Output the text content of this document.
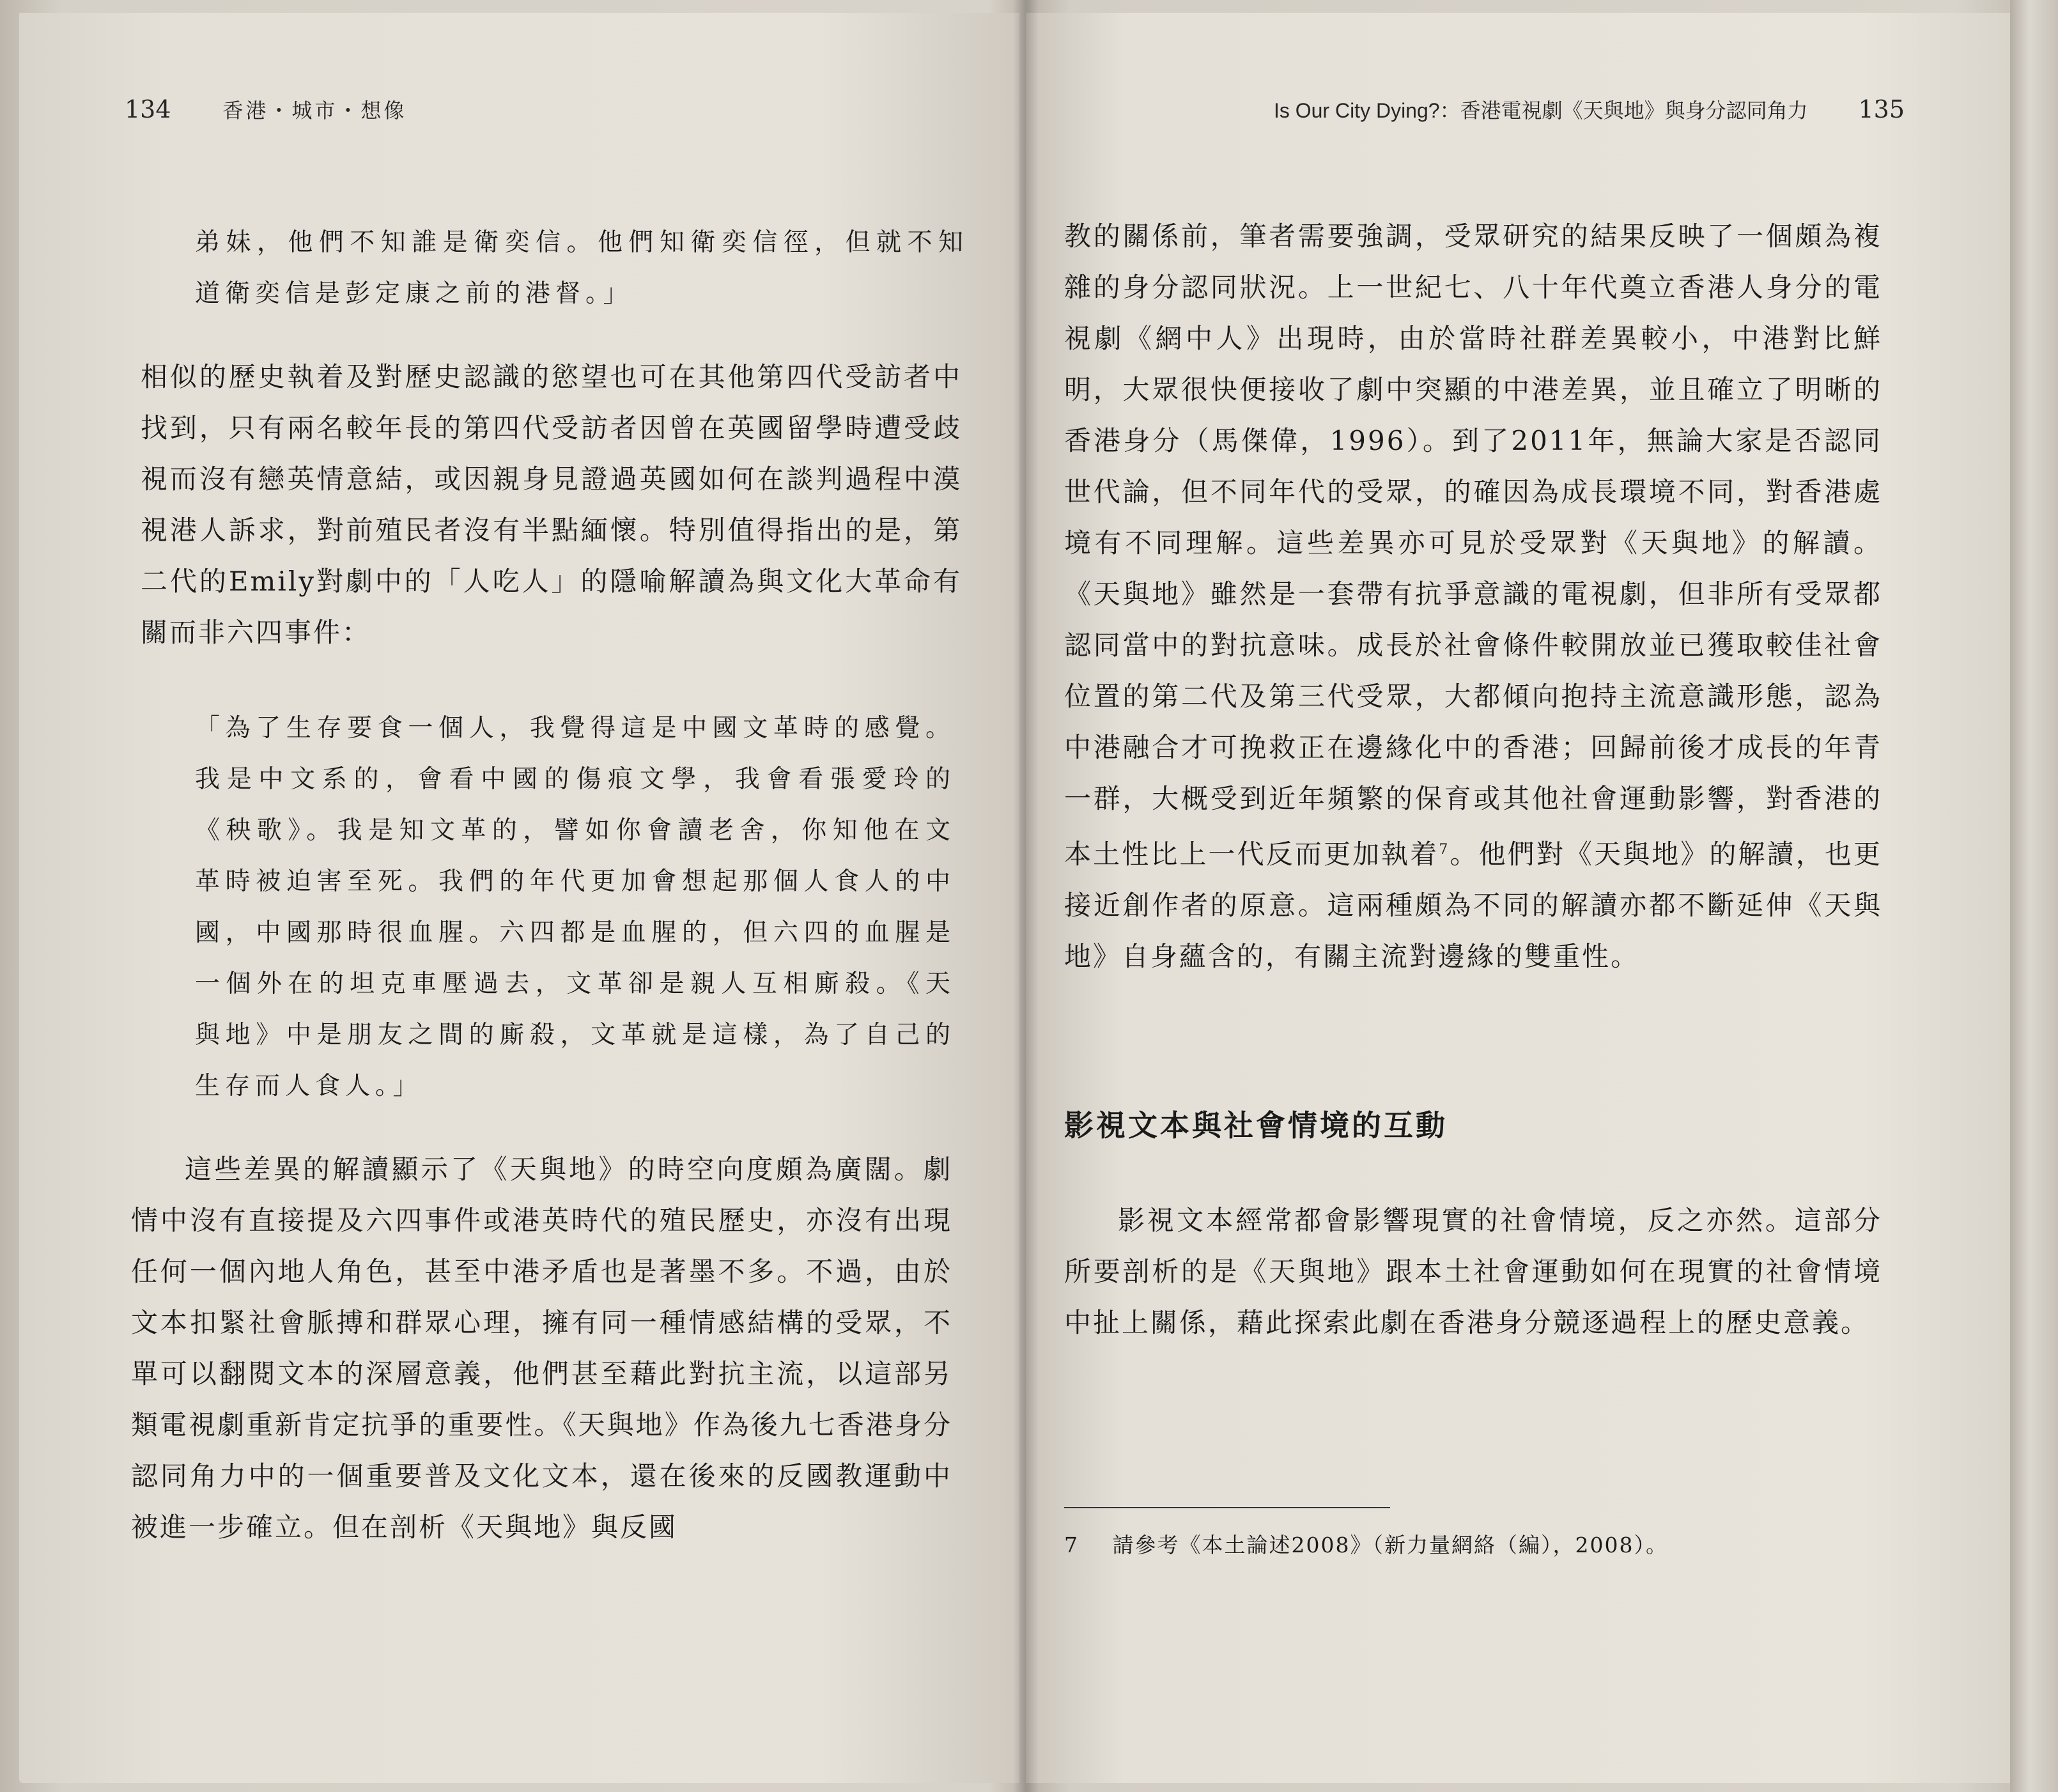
134	香港・城市・想像	Is Our City Dying?：香港電視劇《天與地》與身分認同角力 135
弟妹，他們不知誰是衛奕信。他們知衛奕信徑，但就不知道衛奕信是彭定康之前的港督。」
相似的歷史執着及對歷史認識的慾望也可在其他第四代受訪者中找到，只有兩名較年長的第四代受訪者因曾在英國留學時遭受歧視而沒有戀英情意結，或因親身見證過英國如何在談判過程中漠視港人訴求，對前殖民者沒有半點緬懷。特別值得指出的是，第二代的Emily對劇中的「人吃人」的隱喻解讀為與文化大革命有關而非六四事件：
「為了生存要食一個人，我覺得這是中國文革時的感覺。我是中文系的，會看中國的傷痕文學，我會看張愛玲的《秧歌》。我是知文革的，譬如你會讀老舍，你知他在文革時被迫害至死。我們的年代更加會想起那個人食人的中國，中國那時很血腥。六四都是血腥的，但六四的血腥是一個外在的坦克車壓過去，文革卻是親人互相廝殺。《天與地》中是朋友之間的廝殺，文革就是這樣，為了自己的生存而人食人。」
這些差異的解讀顯示了《天與地》的時空向度頗為廣闊。劇情中沒有直接提及六四事件或港英時代的殖民歷史，亦沒有出現任何一個內地人角色，甚至中港矛盾也是著墨不多。不過，由於文本扣緊社會脈搏和群眾心理，擁有同一種情感結構的受眾，不單可以翻閱文本的深層意義，他們甚至藉此對抗主流，以這部另類電視劇重新肯定抗爭的重要性。《天與地》作為後九七香港身分認同角力中的一個重要普及文化文本，還在後來的反國教運動中被進一步確立。但在剖析《天與地》與反國
教的關係前，筆者需要強調，受眾研究的結果反映了一個頗為複雜的身分認同狀況。上一世紀七、八十年代奠立香港人身分的電視劇《網中人》出現時，由於當時社群差異較小，中港對比鮮明，大眾很快便接收了劇中突顯的中港差異，並且確立了明晰的香港身分（馬傑偉，1996）。到了2011年，無論大家是否認同世代論，但不同年代的受眾，的確因為成長環境不同，對香港處境有不同理解。這些差異亦可見於受眾對《天與地》的解讀。《天與地》雖然是一套帶有抗爭意識的電視劇，但非所有受眾都認同當中的對抗意味。成長於社會條件較開放並已獲取較佳社會位置的第二代及第三代受眾，大都傾向抱持主流意識形態，認為中港融合才可挽救正在邊緣化中的香港；回歸前後才成長的年青一群，大概受到近年頻繁的保育或其他社會運動影響，對香港的本土性比上一代反而更加執着$^7$。他們對《天與地》的解讀，也更接近創作者的原意。這兩種頗為不同的解讀亦都不斷延伸《天與地》自身蘊含的，有關主流對邊緣的雙重性。
影視文本與社會情境的互動
影視文本經常都會影響現實的社會情境，反之亦然。這部分所要剖析的是《天與地》跟本土社會運動如何在現實的社會情境中扯上關係，藉此探索此劇在香港身分競逐過程上的歷史意義。
7 請參考《本土論述2008》（新力量網絡（編），2008）。
